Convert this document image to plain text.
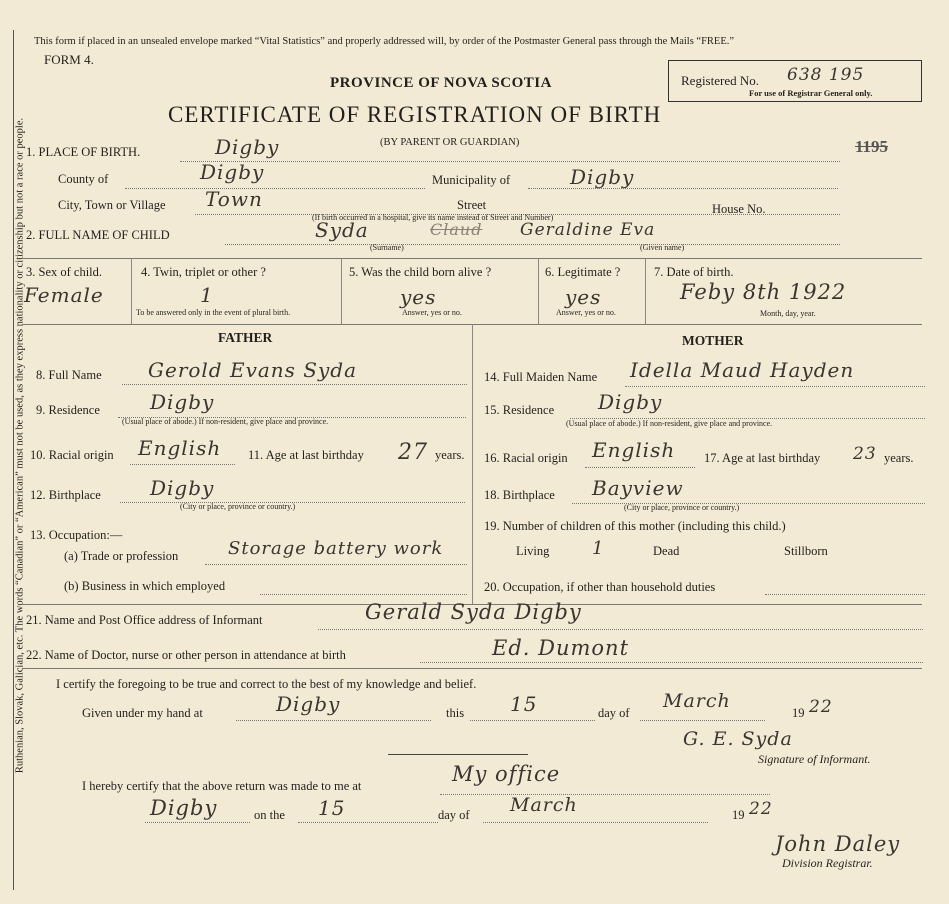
Ruthenian, Slovak, Galician, etc. The words “Canadian” or “American” must not be used, as they express nationality or citizenship but not a race or people.
This form if placed in an unsealed envelope marked “Vital Statistics” and properly addressed will, by order of the Postmaster General pass through the Mails “FREE.”
FORM 4.
PROVINCE OF NOVA SCOTIA
CERTIFICATE OF REGISTRATION OF BIRTH
(BY PARENT OR GUARDIAN)
Registered No. 638 195
For use of Registrar General only.
1195
1. PLACE OF BIRTH.	Digby
County of	Digby	Municipality of	Digby
City, Town or Village Town	Street	House No.
(If birth occurred in a hospital, give its name instead of Street and Number)
2. FULL NAME OF CHILD	Syda	Claud Geraldine Eva
(Surname)	(Given name)
3. Sex of child.
Female
4. Twin, triplet or other ?
1
To be answered only in the event of plural birth.
5. Was the child born alive ?
yes
Answer, yes or no.
6. Legitimate ?
yes
Answer, yes or no.
7. Date of birth.
Feby 8th 1922
Month, day, year.
FATHER	MOTHER
8. Full Name Gerold Evans Syda
9. Residence	Digby
(Usual place of abode.) If non-resident, give place and province.
10. Racial origin English 11. Age at last birthday 27 years.
12. Birthplace Digby
(City or place, province or country.)
13. Occupation:—
(a) Trade or profession	Storage battery work
(b) Business in which employed
14. Full Maiden Name Idella Maud Hayden
15. Residence Digby
(Usual place of abode.) If non-resident, give place and province.
16. Racial origin English 17. Age at last birthday 23 years.
18. Birthplace Bayview
(City or place, province or country.)
19. Number of children of this mother (including this child.)
Living 1	Dead	Stillborn
20. Occupation, if other than household duties
21. Name and Post Office address of Informant	Gerald Syda Digby
22. Name of Doctor, nurse or other person in attendance at birth	Ed. Dumont
I certify the foregoing to be true and correct to the best of my knowledge and belief.
Given under my hand at	Digby	this 15	day of
March
19 22
G. E. Syda
Signature of Informant.
I hereby certify that the above return was made to me at	My office
Digby	on the 15	day of March	19 22
John Daley
Division Registrar.
